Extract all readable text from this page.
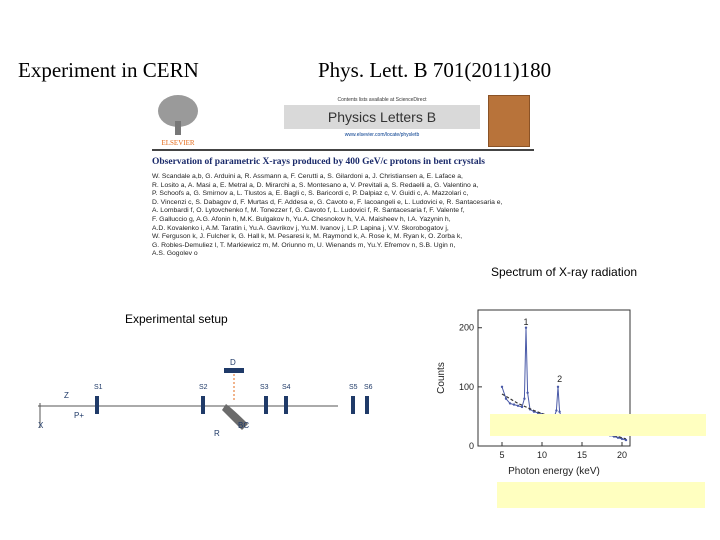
Experiment in CERN	Phys. Lett. B 701(2011)180
ELSEVIER
Contents lists available at ScienceDirect
Physics Letters B
www.elsevier.com/locate/physletb
Observation of parametric X-rays produced by 400 GeV/c protons in bent crystals
W. Scandale a,b, G. Arduini a, R. Assmann a, F. Cerutti a, S. Gilardoni a, J. Christiansen a, E. Laface a,
R. Losito a, A. Masi a, E. Metral a, D. Mirarchi a, S. Montesano a, V. Previtali a, S. Redaelli a, G. Valentino a,
P. Schoofs a, G. Smirnov a, L. Tlustos a, E. Bagli c, S. Baricordi c, P. Dalpiaz c, V. Guidi c, A. Mazzolari c,
D. Vincenzi c, S. Dabagov d, F. Murtas d, F. Addesa e, G. Cavoto e, F. Iacoangeli e, L. Ludovici e, R. Santacesaria e,
A. Lombardi f, O. Lytovchenko f, M. Tonezzer f, G. Cavoto f, L. Ludovici f, R. Santacesaria f, F. Valente f,
F. Galluccio g, A.G. Afonin h, M.K. Bulgakov h, Yu.A. Chesnokov h, V.A. Maisheev h, I.A. Yazynin h,
A.D. Kovalenko i, A.M. Taratin i, Yu.A. Gavrikov j, Yu.M. Ivanov j, L.P. Lapina j, V.V. Skorobogatov j,
W. Ferguson k, J. Fulcher k, G. Hall k, M. Pesaresi k, M. Raymond k, A. Rose k, M. Ryan k, O. Zorba k,
G. Robles-Demuliez l, T. Markiewicz m, M. Oriunno m, U. Wienands m, Yu.Y. Efremov n, S.B. Ugin n,
A.S. Gogolev o
Spectrum of X-ray radiation
Experimental setup
X
Z
P+
S1	S2	S3 S4
D
R
BC
S5 S6
5	10	15	20
0
100
200
Photon energy (keV)
Counts
1
2
